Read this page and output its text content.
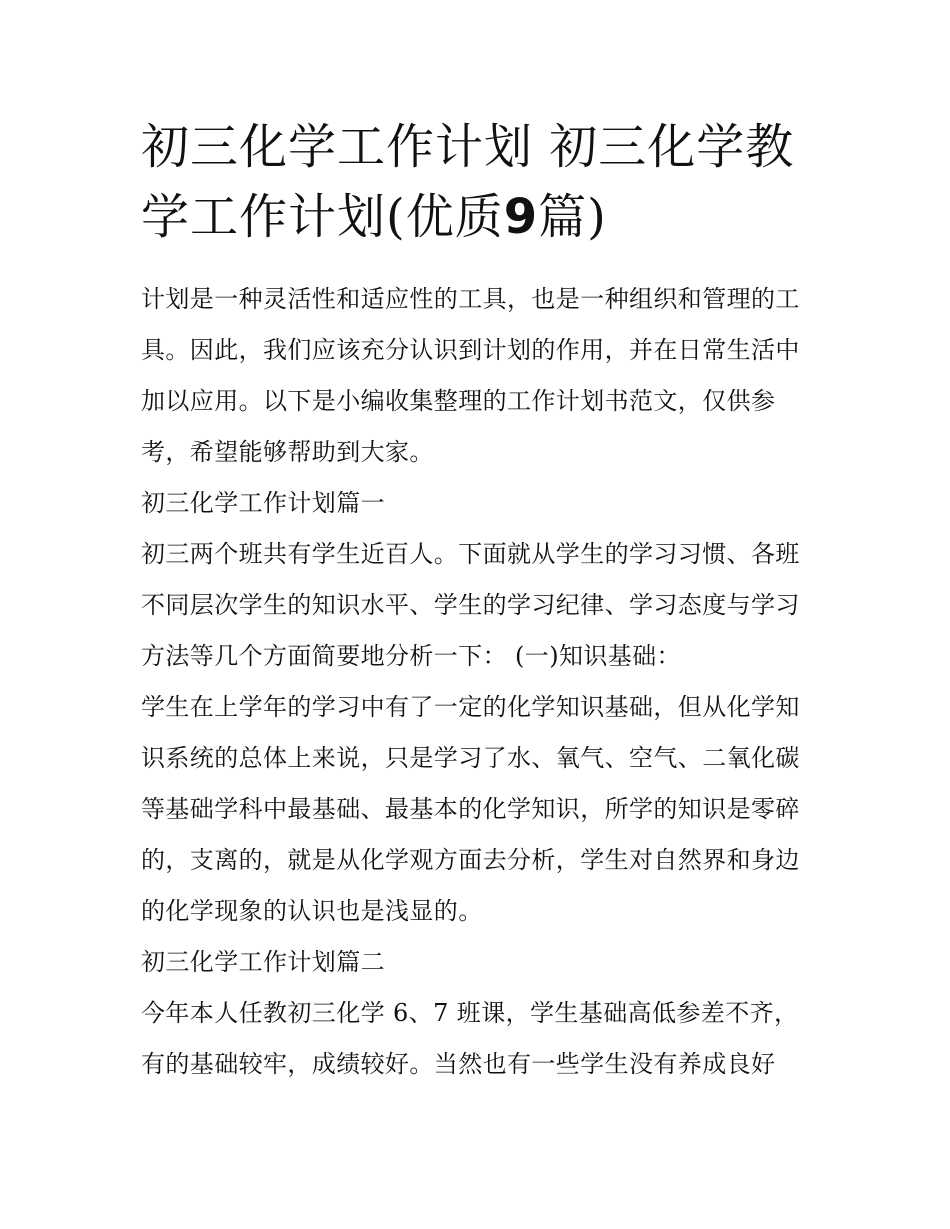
初三化学工作计划 初三化学教学工作计划(优质9篇)

计划是一种灵活性和适应性的工具，也是一种组织和管理的工具。因此，我们应该充分认识到计划的作用，并在日常生活中加以应用。以下是小编收集整理的工作计划书范文，仅供参考，希望能够帮助到大家。

初三化学工作计划篇一

初三两个班共有学生近百人。下面就从学生的学习习惯、各班不同层次学生的知识水平、学生的学习纪律、学习态度与学习方法等几个方面简要地分析一下： (一)知识基础：

学生在上学年的学习中有了一定的化学知识基础，但从化学知识系统的总体上来说，只是学习了水、氧气、空气、二氧化碳等基础学科中最基础、最基本的化学知识，所学的知识是零碎的，支离的，就是从化学观方面去分析，学生对自然界和身边的化学现象的认识也是浅显的。

初三化学工作计划篇二

今年本人任教初三化学 6、7 班课，学生基础高低参差不齐，有的基础较牢，成绩较好。当然也有一些学生没有养成良好
